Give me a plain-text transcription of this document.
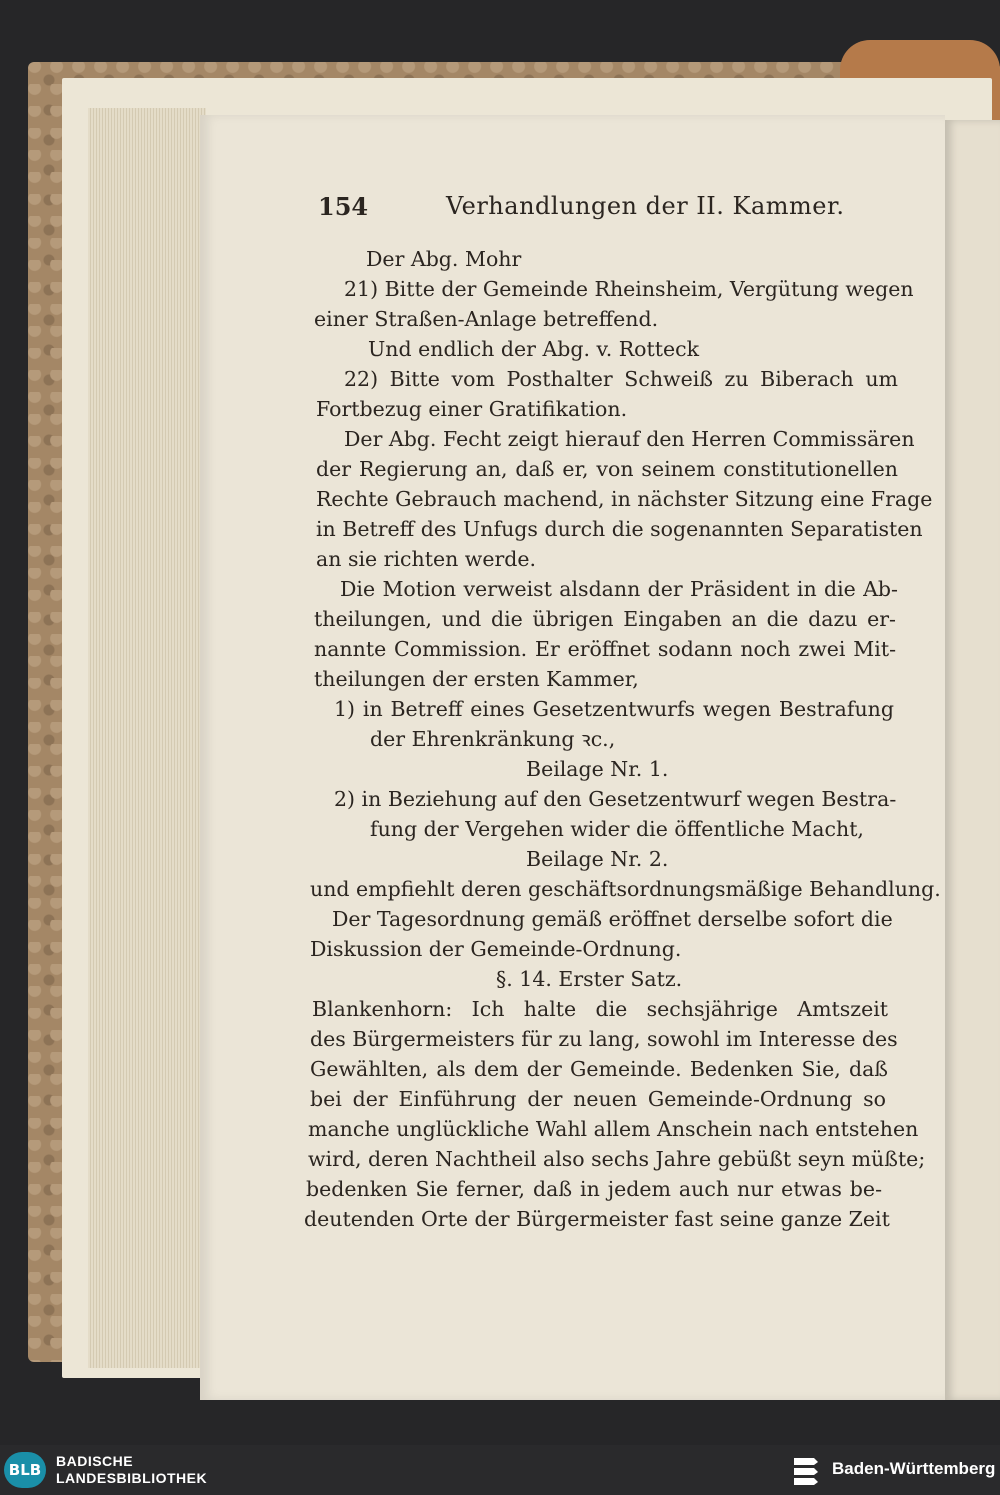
154	Verhandlungen der II. Kammer.
Der Abg. Mohr
21) Bitte der Gemeinde Rheinsheim, Vergütung wegen
einer Straßen-Anlage betreffend.
Und endlich der Abg. v. Rotteck
22) Bitte vom Posthalter Schweiß zu Biberach um
Fortbezug einer Gratifikation.
Der Abg. Fecht zeigt hierauf den Herren Commissären
der Regierung an, daß er, von seinem constitutionellen
Rechte Gebrauch machend, in nächster Sitzung eine Frage
in Betreff des Unfugs durch die sogenannten Separatisten
an sie richten werde.
Die Motion verweist alsdann der Präsident in die Ab-
theilungen, und die übrigen Eingaben an die dazu er-
nannte Commission. Er eröffnet sodann noch zwei Mit-
theilungen der ersten Kammer,
1) in Betreff eines Gesetzentwurfs wegen Bestrafung
der Ehrenkränkung ꝛc.,
Beilage Nr. 1.
2) in Beziehung auf den Gesetzentwurf wegen Bestra-
fung der Vergehen wider die öffentliche Macht,
Beilage Nr. 2.
und empfiehlt deren geschäftsordnungsmäßige Behandlung.
Der Tagesordnung gemäß eröffnet derselbe sofort die
Diskussion der Gemeinde-Ordnung.
§. 14. Erster Satz.
Blankenhorn: Ich halte die sechsjährige Amtszeit
des Bürgermeisters für zu lang, sowohl im Interesse des
Gewählten, als dem der Gemeinde. Bedenken Sie, daß
bei der Einführung der neuen Gemeinde-Ordnung so
manche unglückliche Wahl allem Anschein nach entstehen
wird, deren Nachtheil also sechs Jahre gebüßt seyn müßte;
bedenken Sie ferner, daß in jedem auch nur etwas be-
deutenden Orte der Bürgermeister fast seine ganze Zeit
BLB	BADISCHE
LANDESBIBLIOTHEK	Baden-Württemberg
